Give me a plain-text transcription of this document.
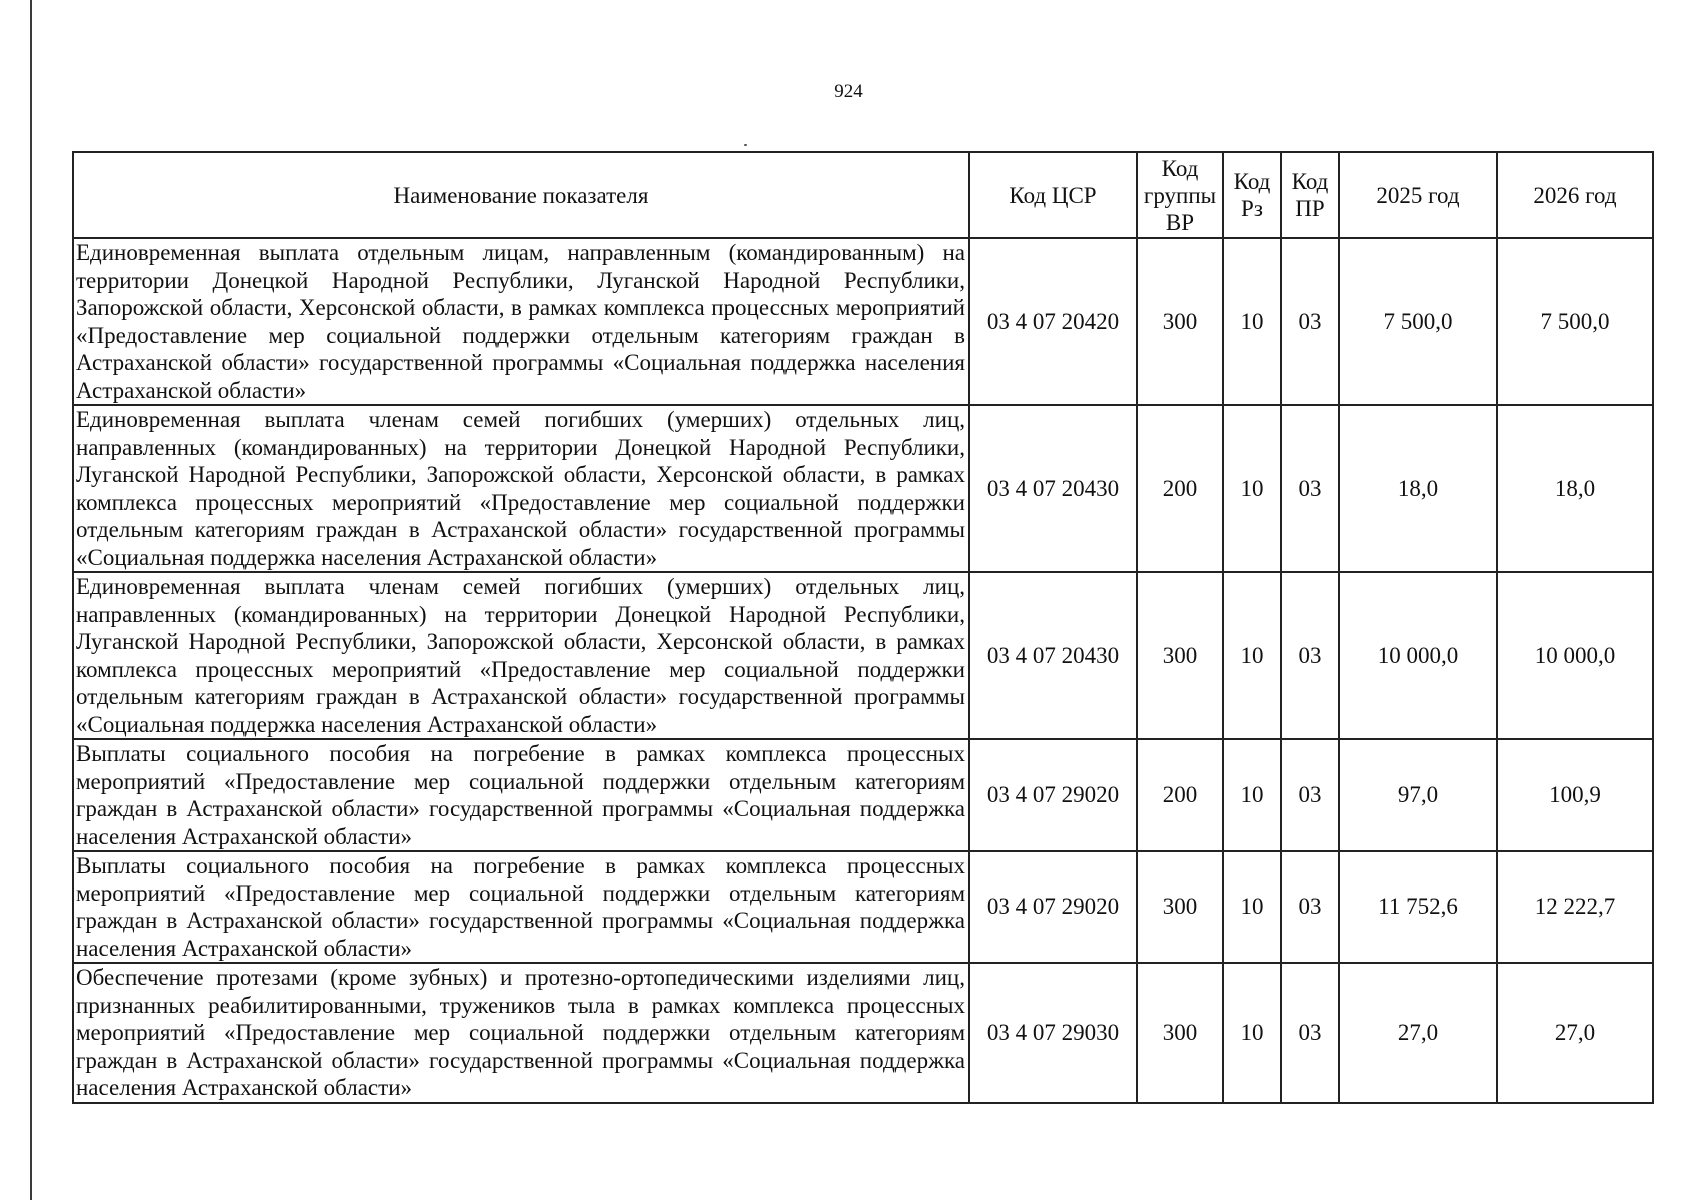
924
Наименование показателя	Код ЦСР	Код группы ВР	Код Рз	Код ПР	2025 год	2026 год
Единовременная выплата отдельным лицам, направленным (командированным) на территории Донецкой Народной Республики, Луганской Народной Республики, Запорожской области, Херсонской области, в рамках комплекса процессных мероприятий «Предоставление мер социальной поддержки отдельным категориям граждан в Астраханской области» государственной программы «Социальная поддержка населения Астраханской области»	03 4 07 20420	300	10	03	7 500,0	7 500,0
Единовременная выплата членам семей погибших (умерших) отдельных лиц, направленных (командированных) на территории Донецкой Народной Республики, Луганской Народной Республики, Запорожской области, Херсонской области, в рамках комплекса процессных мероприятий «Предоставление мер социальной поддержки отдельным категориям граждан в Астраханской области» государственной программы «Социальная поддержка населения Астраханской области»	03 4 07 20430	200	10	03	18,0	18,0
Единовременная выплата членам семей погибших (умерших) отдельных лиц, направленных (командированных) на территории Донецкой Народной Республики, Луганской Народной Республики, Запорожской области, Херсонской области, в рамках комплекса процессных мероприятий «Предоставление мер социальной поддержки отдельным категориям граждан в Астраханской области» государственной программы «Социальная поддержка населения Астраханской области»	03 4 07 20430	300	10	03	10 000,0	10 000,0
Выплаты социального пособия на погребение в рамках комплекса процессных мероприятий «Предоставление мер социальной поддержки отдельным категориям граждан в Астраханской области» государственной программы «Социальная поддержка населения Астраханской области»	03 4 07 29020	200	10	03	97,0	100,9
Выплаты социального пособия на погребение в рамках комплекса процессных мероприятий «Предоставление мер социальной поддержки отдельным категориям граждан в Астраханской области» государственной программы «Социальная поддержка населения Астраханской области»	03 4 07 29020	300	10	03	11 752,6	12 222,7
Обеспечение протезами (кроме зубных) и протезно-ортопедическими изделиями лиц, признанных реабилитированными, тружеников тыла в рамках комплекса процессных мероприятий «Предоставление мер социальной поддержки отдельным категориям граждан в Астраханской области» государственной программы «Социальная поддержка населения Астраханской области»	03 4 07 29030	300	10	03	27,0	27,0
